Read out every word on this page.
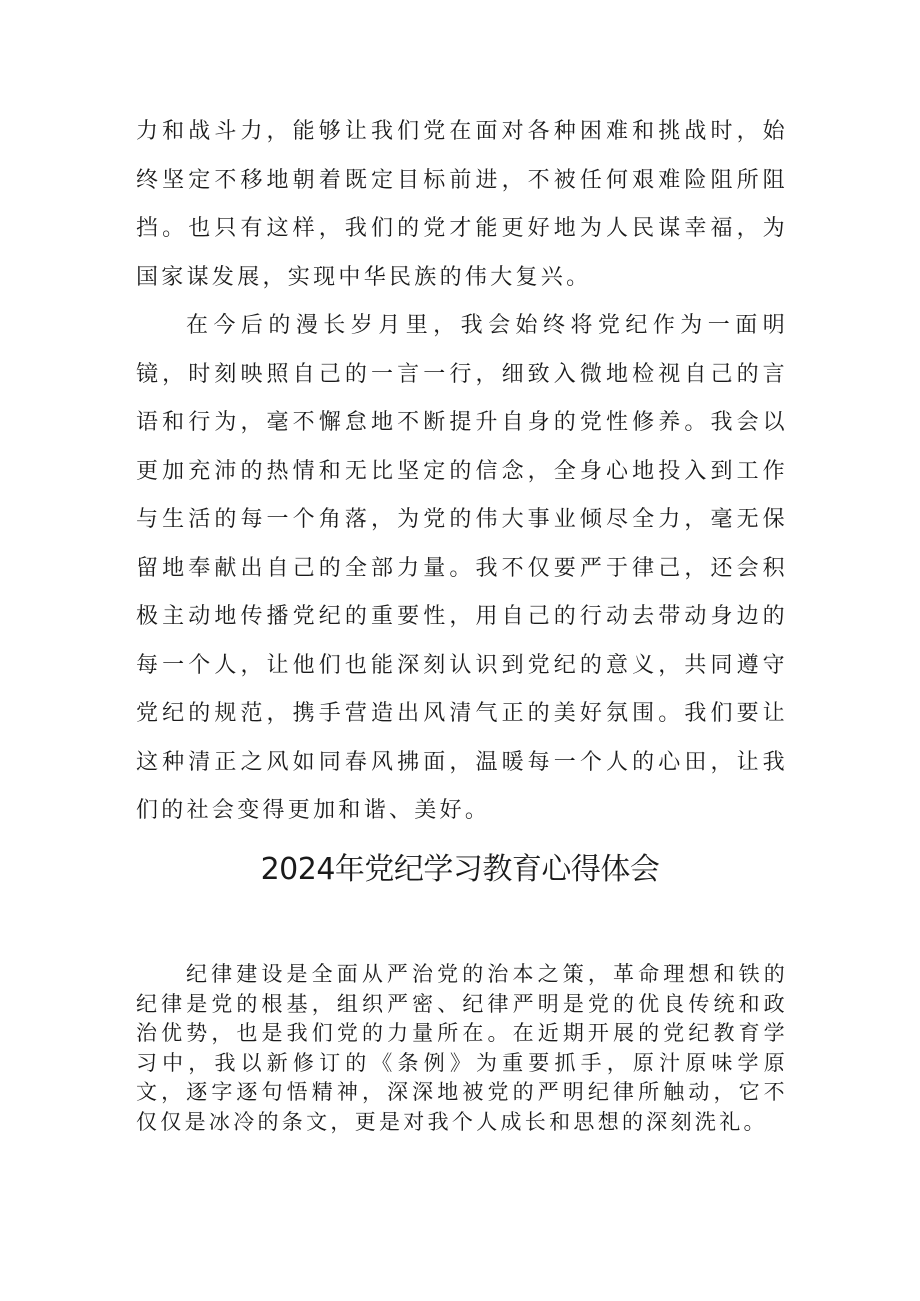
力和战斗力，能够让我们党在面对各种困难和挑战时，始终坚定不移地朝着既定目标前进，不被任何艰难险阻所阻挡。也只有这样，我们的党才能更好地为人民谋幸福，为国家谋发展，实现中华民族的伟大复兴。

在今后的漫长岁月里，我会始终将党纪作为一面明镜，时刻映照自己的一言一行，细致入微地检视自己的言语和行为，毫不懈怠地不断提升自身的党性修养。我会以更加充沛的热情和无比坚定的信念，全身心地投入到工作与生活的每一个角落，为党的伟大事业倾尽全力，毫无保留地奉献出自己的全部力量。我不仅要严于律己，还会积极主动地传播党纪的重要性，用自己的行动去带动身边的每一个人，让他们也能深刻认识到党纪的意义，共同遵守党纪的规范，携手营造出风清气正的美好氛围。我们要让这种清正之风如同春风拂面，温暖每一个人的心田，让我们的社会变得更加和谐、美好。

2024年党纪学习教育心得体会

纪律建设是全面从严治党的治本之策，革命理想和铁的纪律是党的根基，组织严密、纪律严明是党的优良传统和政治优势，也是我们党的力量所在。在近期开展的党纪教育学习中，我以新修订的《条例》为重要抓手，原汁原味学原文，逐字逐句悟精神，深深地被党的严明纪律所触动，它不仅仅是冰冷的条文，更是对我个人成长和思想的深刻洗礼。
